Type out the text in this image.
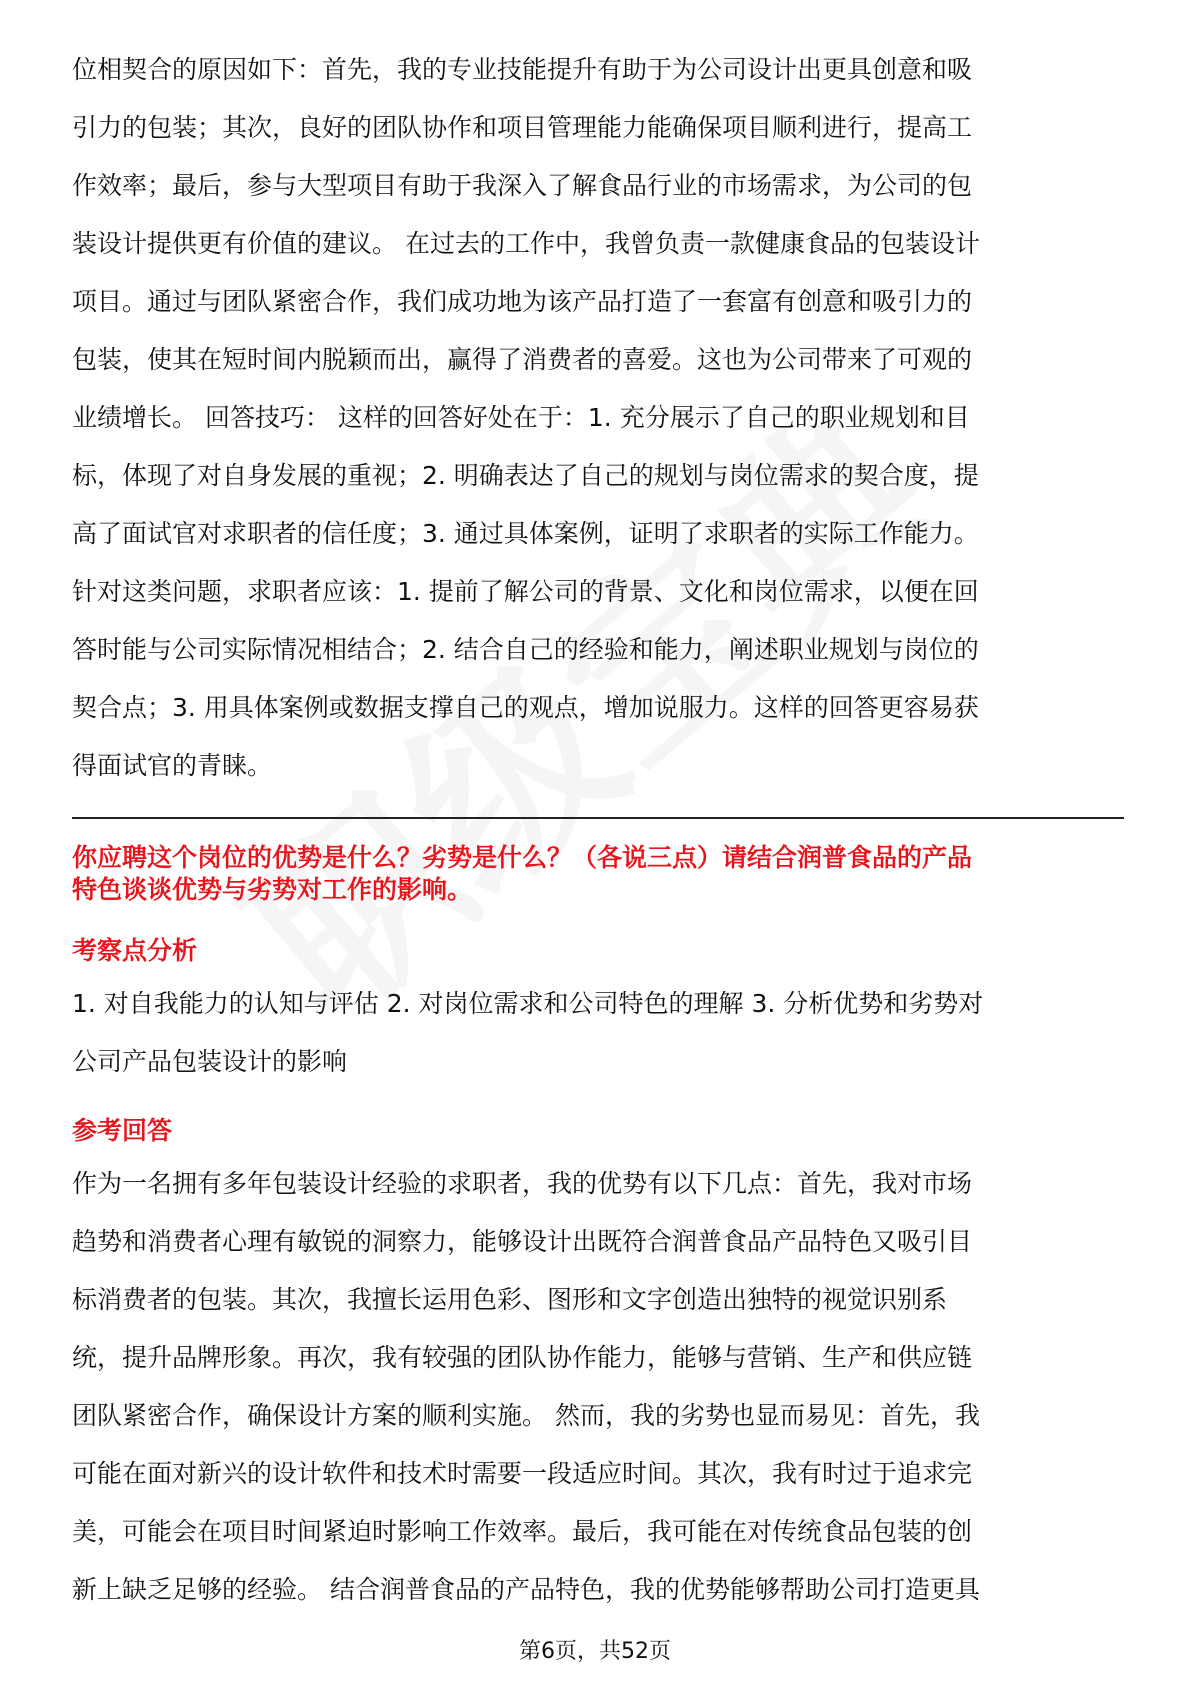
位相契合的原因如下：首先，我的专业技能提升有助于为公司设计出更具创意和吸
引力的包装；其次，良好的团队协作和项目管理能力能确保项目顺利进行，提高工
作效率；最后，参与大型项目有助于我深入了解食品行业的市场需求，为公司的包
装设计提供更有价值的建议。 在过去的工作中，我曾负责一款健康食品的包装设计
项目。通过与团队紧密合作，我们成功地为该产品打造了一套富有创意和吸引力的
包装，使其在短时间内脱颖而出，赢得了消费者的喜爱。这也为公司带来了可观的
业绩增长。 回答技巧： 这样的回答好处在于：1. 充分展示了自己的职业规划和目
标，体现了对自身发展的重视；2. 明确表达了自己的规划与岗位需求的契合度，提
高了面试官对求职者的信任度；3. 通过具体案例，证明了求职者的实际工作能力。
针对这类问题，求职者应该：1. 提前了解公司的背景、文化和岗位需求，以便在回
答时能与公司实际情况相结合；2. 结合自己的经验和能力，阐述职业规划与岗位的
契合点；3. 用具体案例或数据支撑自己的观点，增加说服力。这样的回答更容易获
得面试官的青睐。
你应聘这个岗位的优势是什么？劣势是什么？（各说三点）请结合润普食品的产品
特色谈谈优势与劣势对工作的影响。
考察点分析
1. 对自我能力的认知与评估 2. 对岗位需求和公司特色的理解 3. 分析优势和劣势对
公司产品包装设计的影响
参考回答
作为一名拥有多年包装设计经验的求职者，我的优势有以下几点：首先，我对市场
趋势和消费者心理有敏锐的洞察力，能够设计出既符合润普食品产品特色又吸引目
标消费者的包装。其次，我擅长运用色彩、图形和文字创造出独特的视觉识别系
统，提升品牌形象。再次，我有较强的团队协作能力，能够与营销、生产和供应链
团队紧密合作，确保设计方案的顺利实施。 然而，我的劣势也显而易见：首先，我
可能在面对新兴的设计软件和技术时需要一段适应时间。其次，我有时过于追求完
美，可能会在项目时间紧迫时影响工作效率。最后，我可能在对传统食品包装的创
新上缺乏足够的经验。 结合润普食品的产品特色，我的优势能够帮助公司打造更具
第6页，共52页
